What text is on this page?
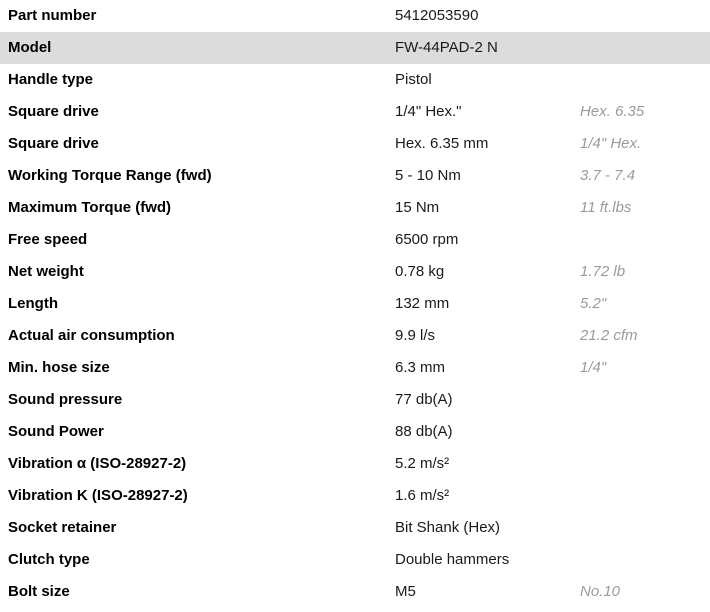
Part number	5412053590
Model	FW-44PAD-2 N
Handle type	Pistol
Square drive	1/4" Hex."	Hex. 6.35
Square drive	Hex. 6.35 mm	1/4" Hex.
Working Torque Range (fwd)	5 - 10 Nm	3.7 - 7.4
Maximum Torque (fwd)	15 Nm	11 ft.lbs
Free speed	6500 rpm
Net weight	0.78 kg	1.72 lb
Length	132 mm	5.2"
Actual air consumption	9.9 l/s	21.2 cfm
Min. hose size	6.3 mm	1/4"
Sound pressure	77 db(A)
Sound Power	88 db(A)
Vibration α (ISO-28927-2)	5.2 m/s²
Vibration K (ISO-28927-2)	1.6 m/s²
Socket retainer	Bit Shank (Hex)
Clutch type	Double hammers
Bolt size	M5	No.10
